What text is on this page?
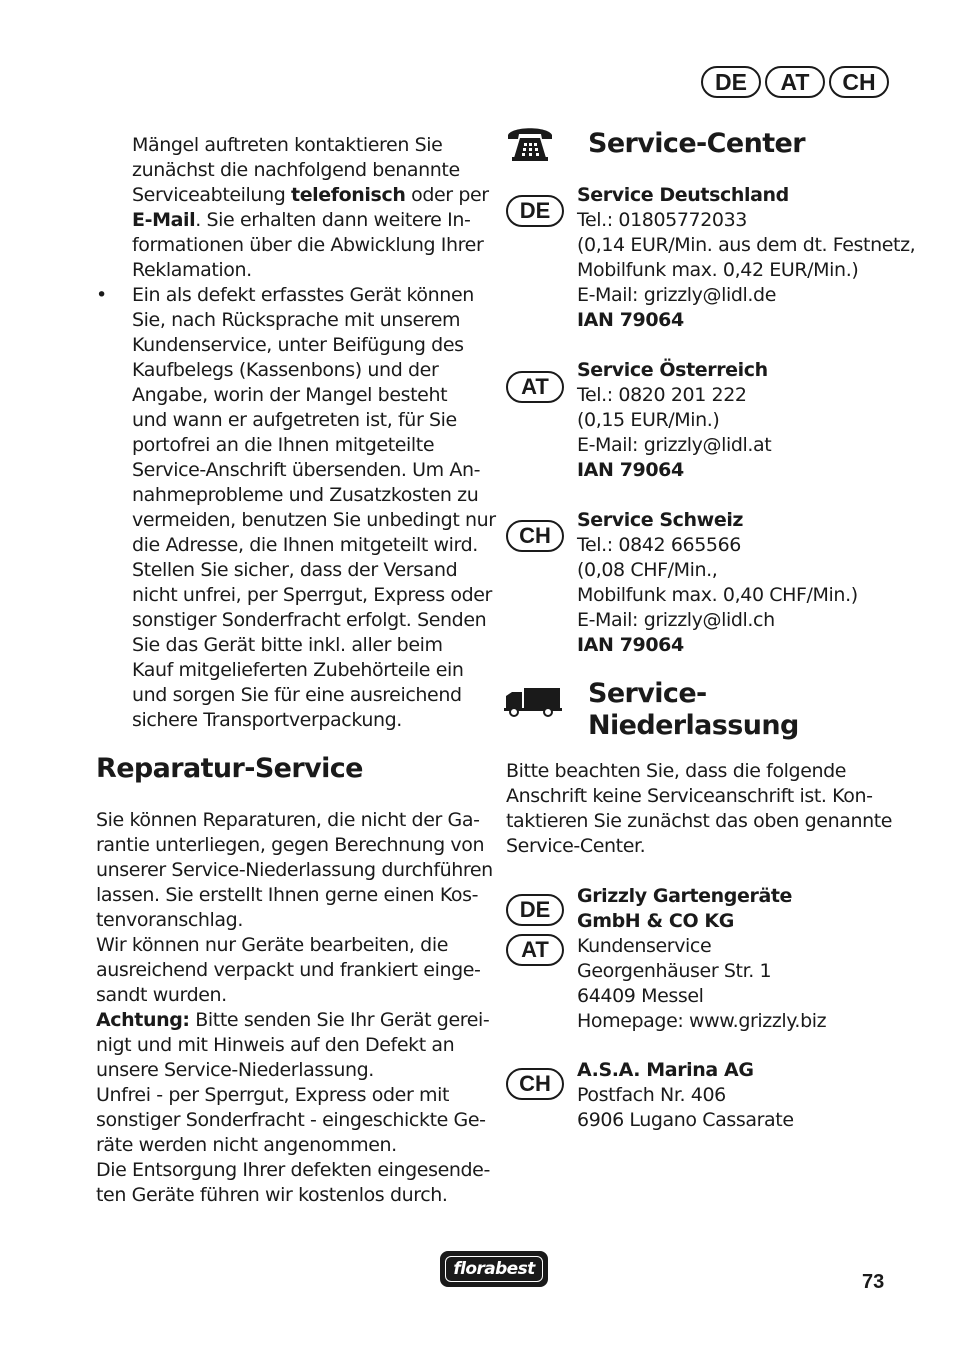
DE	AT	CH
Mängel auftreten kontaktieren Sie
zunächst die nachfolgend benannte
Serviceabteilung telefonisch oder per
E-Mail. Sie erhalten dann weitere In-
formationen über die Abwicklung Ihrer
Reklamation.
• Ein als defekt erfasstes Gerät können
Sie, nach Rücksprache mit unserem
Kundenservice, unter Beifügung des
Kaufbelegs (Kassenbons) und der
Angabe, worin der Mangel besteht
und wann er aufgetreten ist, für Sie
portofrei an die Ihnen mitgeteilte
Service-Anschrift übersenden. Um An-
nahmeprobleme und Zusatzkosten zu
vermeiden, benutzen Sie unbedingt nur
die Adresse, die Ihnen mitgeteilt wird.
Stellen Sie sicher, dass der Versand
nicht unfrei, per Sperrgut, Express oder
sonstiger Sonderfracht erfolgt. Senden
Sie das Gerät bitte inkl. aller beim
Kauf mitgelieferten Zubehörteile ein
und sorgen Sie für eine ausreichend
sichere Transportverpackung.
Reparatur-Service
Sie können Reparaturen, die nicht der Ga-
rantie unterliegen, gegen Berechnung von
unserer Service-Niederlassung durchführen
lassen. Sie erstellt Ihnen gerne einen Kos-
tenvoranschlag.
Wir können nur Geräte bearbeiten, die
ausreichend verpackt und frankiert einge-
sandt wurden.
Achtung: Bitte senden Sie Ihr Gerät gerei-
nigt und mit Hinweis auf den Defekt an
unsere Service-Niederlassung.
Unfrei - per Sperrgut, Express oder mit
sonstiger Sonderfracht - eingeschickte Ge-
räte werden nicht angenommen.
Die Entsorgung Ihrer defekten eingesende-
ten Geräte führen wir kostenlos durch.
Service-Center
DE
Service Deutschland
Tel.: 01805772033
(0,14 EUR/Min. aus dem dt. Festnetz,
Mobilfunk max. 0,42 EUR/Min.)
E-Mail: grizzly@lidl.de
IAN 79064
AT
Service Österreich
Tel.: 0820 201 222
(0,15 EUR/Min.)
E-Mail: grizzly@lidl.at
IAN 79064
CH
Service Schweiz
Tel.: 0842 665566
(0,08 CHF/Min.,
Mobilfunk max. 0,40 CHF/Min.)
E-Mail: grizzly@lidl.ch
IAN 79064
Service-
Niederlassung
Bitte beachten Sie, dass die folgende
Anschrift keine Serviceanschrift ist. Kon-
taktieren Sie zunächst das oben genannte
Service-Center.
DE
AT
Grizzly Gartengeräte
GmbH & CO KG
Kundenservice
Georgenhäuser Str. 1
64409 Messel
Homepage: www.grizzly.biz
CH
A.S.A. Marina AG
Postfach Nr. 406
6906 Lugano Cassarate
florabest
73
